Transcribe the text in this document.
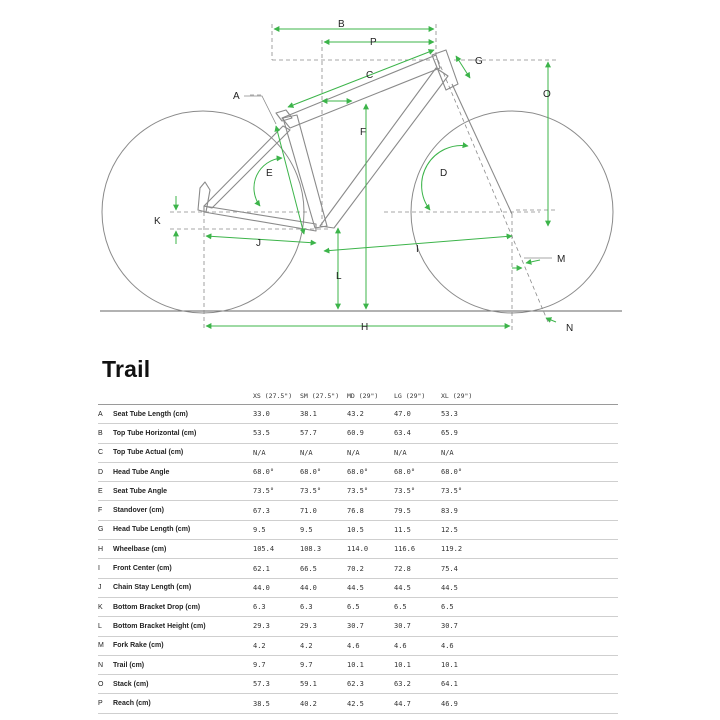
A
B
C
D
E
F
G
H
I
J
K
L
M
N
O
P
Trail
		XS (27.5")	SM (27.5")	MD (29")	LG (29")	XL (29")
A	Seat Tube Length (cm)	33.0	38.1	43.2	47.0	53.3
B	Top Tube Horizontal (cm)	53.5	57.7	60.9	63.4	65.9
C	Top Tube Actual (cm)	N/A	N/A	N/A	N/A	N/A
D	Head Tube Angle	68.0°	68.0°	68.0°	68.0°	68.0°
E	Seat Tube Angle	73.5°	73.5°	73.5°	73.5°	73.5°
F	Standover (cm)	67.3	71.0	76.8	79.5	83.9
G	Head Tube Length (cm)	9.5	9.5	10.5	11.5	12.5
H	Wheelbase (cm)	105.4	108.3	114.0	116.6	119.2
I	Front Center (cm)	62.1	66.5	70.2	72.8	75.4
J	Chain Stay Length (cm)	44.0	44.0	44.5	44.5	44.5
K	Bottom Bracket Drop (cm)	6.3	6.3	6.5	6.5	6.5
L	Bottom Bracket Height (cm)	29.3	29.3	30.7	30.7	30.7
M	Fork Rake (cm)	4.2	4.2	4.6	4.6	4.6
N	Trail (cm)	9.7	9.7	10.1	10.1	10.1
O	Stack (cm)	57.3	59.1	62.3	63.2	64.1
P	Reach (cm)	38.5	40.2	42.5	44.7	46.9
